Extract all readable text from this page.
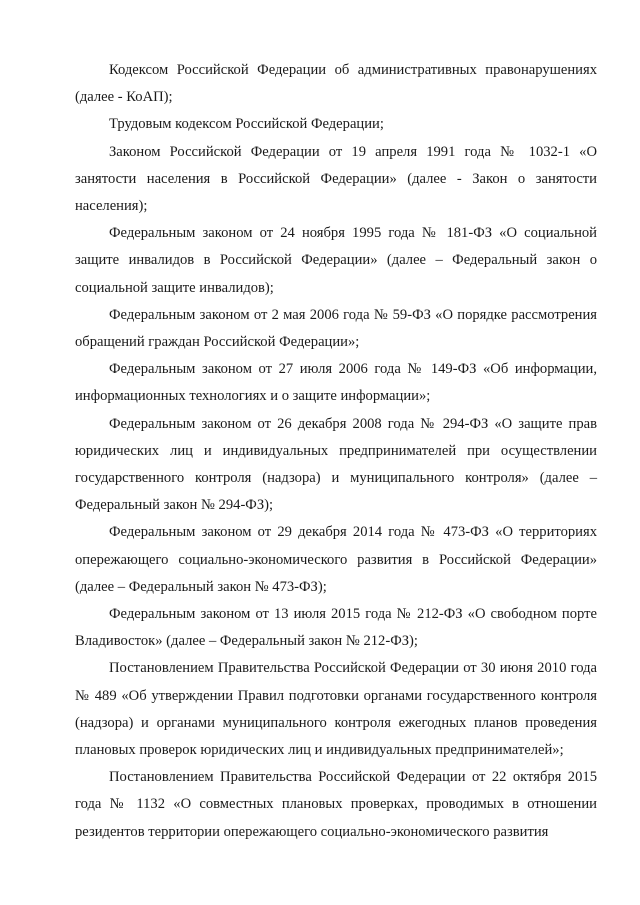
Кодексом Российской Федерации об административных правонарушениях (далее - КоАП);

Трудовым кодексом Российской Федерации;

Законом Российской Федерации от 19 апреля 1991 года № 1032-1 «О занятости населения в Российской Федерации» (далее - Закон о занятости населения);

Федеральным законом от 24 ноября 1995 года № 181-ФЗ «О социальной защите инвалидов в Российской Федерации» (далее – Федеральный закон о социальной защите инвалидов);

Федеральным законом от 2 мая 2006 года № 59-ФЗ «О порядке рассмотрения обращений граждан Российской Федерации»;

Федеральным законом от 27 июля 2006 года № 149-ФЗ «Об информации, информационных технологиях и о защите информации»;

Федеральным законом от 26 декабря 2008 года № 294-ФЗ «О защите прав юридических лиц и индивидуальных предпринимателей при осуществлении государственного контроля (надзора) и муниципального контроля» (далее – Федеральный закон № 294-ФЗ);

Федеральным законом от 29 декабря 2014 года № 473-ФЗ «О территориях опережающего социально-экономического развития в Российской Федерации» (далее – Федеральный закон № 473-ФЗ);

Федеральным законом от 13 июля 2015 года № 212-ФЗ «О свободном порте Владивосток» (далее – Федеральный закон № 212-ФЗ);

Постановлением Правительства Российской Федерации от 30 июня 2010 года № 489 «Об утверждении Правил подготовки органами государственного контроля (надзора) и органами муниципального контроля ежегодных планов проведения плановых проверок юридических лиц и индивидуальных предпринимателей»;

Постановлением Правительства Российской Федерации от 22 октября 2015 года № 1132 «О совместных плановых проверках, проводимых в отношении резидентов территории опережающего социально-экономического развития
